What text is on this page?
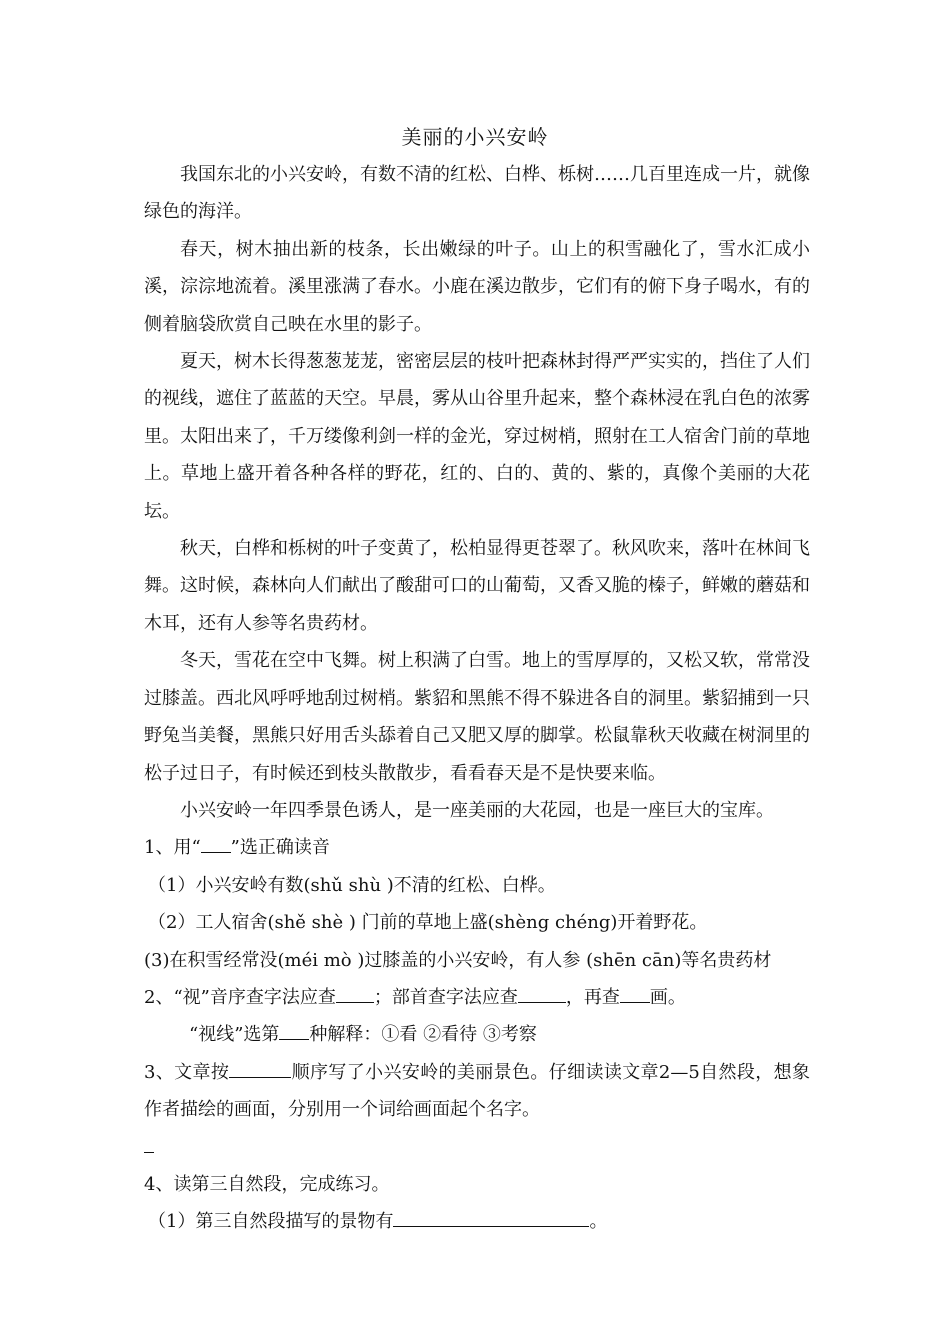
美丽的小兴安岭

我国东北的小兴安岭，有数不清的红松、白桦、栎树……几百里连成一片，就像绿色的海洋。

春天，树木抽出新的枝条，长出嫩绿的叶子。山上的积雪融化了，雪水汇成小溪，淙淙地流着。溪里涨满了春水。小鹿在溪边散步，它们有的俯下身子喝水，有的侧着脑袋欣赏自己映在水里的影子。

夏天，树木长得葱葱茏茏，密密层层的枝叶把森林封得严严实实的，挡住了人们的视线，遮住了蓝蓝的天空。早晨，雾从山谷里升起来，整个森林浸在乳白色的浓雾里。太阳出来了，千万缕像利剑一样的金光，穿过树梢，照射在工人宿舍门前的草地上。草地上盛开着各种各样的野花，红的、白的、黄的、紫的，真像个美丽的大花坛。

秋天，白桦和栎树的叶子变黄了，松柏显得更苍翠了。秋风吹来，落叶在林间飞舞。这时候，森林向人们献出了酸甜可口的山葡萄，又香又脆的榛子，鲜嫩的蘑菇和木耳，还有人参等名贵药材。

冬天，雪花在空中飞舞。树上积满了白雪。地上的雪厚厚的，又松又软，常常没过膝盖。西北风呼呼地刮过树梢。紫貂和黑熊不得不躲进各自的洞里。紫貂捕到一只野兔当美餐，黑熊只好用舌头舔着自己又肥又厚的脚掌。松鼠靠秋天收藏在树洞里的松子过日子，有时候还到枝头散散步，看看春天是不是快要来临。

小兴安岭一年四季景色诱人，是一座美丽的大花园，也是一座巨大的宝库。

1、用“ ”选正确读音

（1）小兴安岭有数(shǔ shù )不清的红松、白桦。

（2）工人宿舍(shě shè ) 门前的草地上盛(shèng chéng)开着野花。

(3)在积雪经常没(méi mò )过膝盖的小兴安岭，有人参 (shēn cān)等名贵药材

2、“视”音序查字法应查 ；部首查字法应查	，再查 画。

“视线”选第 种解释：①看 ②看待 ③考察

3、文章按	顺序写了小兴安岭的美丽景色。仔细读读文章2—5自然段，想象作者描绘的画面，分别用一个词给画面起个名字。

4、读第三自然段，完成练习。

（1）第三自然段描写的景物有	。
